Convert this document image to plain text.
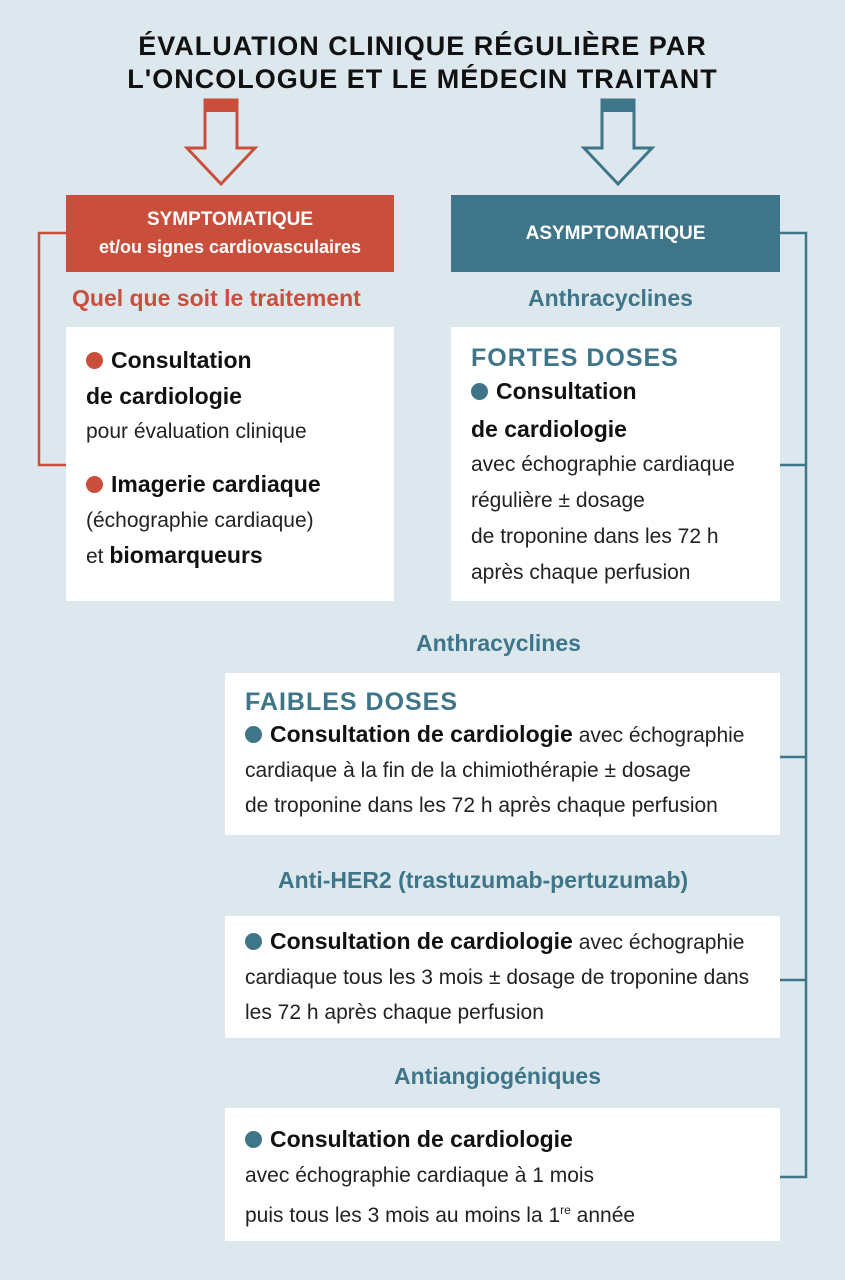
ÉVALUATION CLINIQUE RÉGULIÈRE PAR
L'ONCOLOGUE ET LE MÉDECIN TRAITANT
SYMPTOMATIQUE
et/ou signes cardiovasculaires
ASYMPTOMATIQUE
Quel que soit le traitement
Consultation
de cardiologie
pour évaluation clinique
Imagerie cardiaque
(échographie cardiaque)
et biomarqueurs
Anthracyclines
FORTES DOSES
Consultation
de cardiologie
avec échographie cardiaque
régulière ± dosage
de troponine dans les 72 h
après chaque perfusion
Anthracyclines
FAIBLES DOSES
Consultation de cardiologie avec échographie
cardiaque à la fin de la chimiothérapie ± dosage
de troponine dans les 72 h après chaque perfusion
Anti-HER2 (trastuzumab-pertuzumab)
Consultation de cardiologie avec échographie
cardiaque tous les 3 mois ± dosage de troponine dans
les 72 h après chaque perfusion
Antiangiogéniques
Consultation de cardiologie
avec échographie cardiaque à 1 mois
puis tous les 3 mois au moins la 1re année
